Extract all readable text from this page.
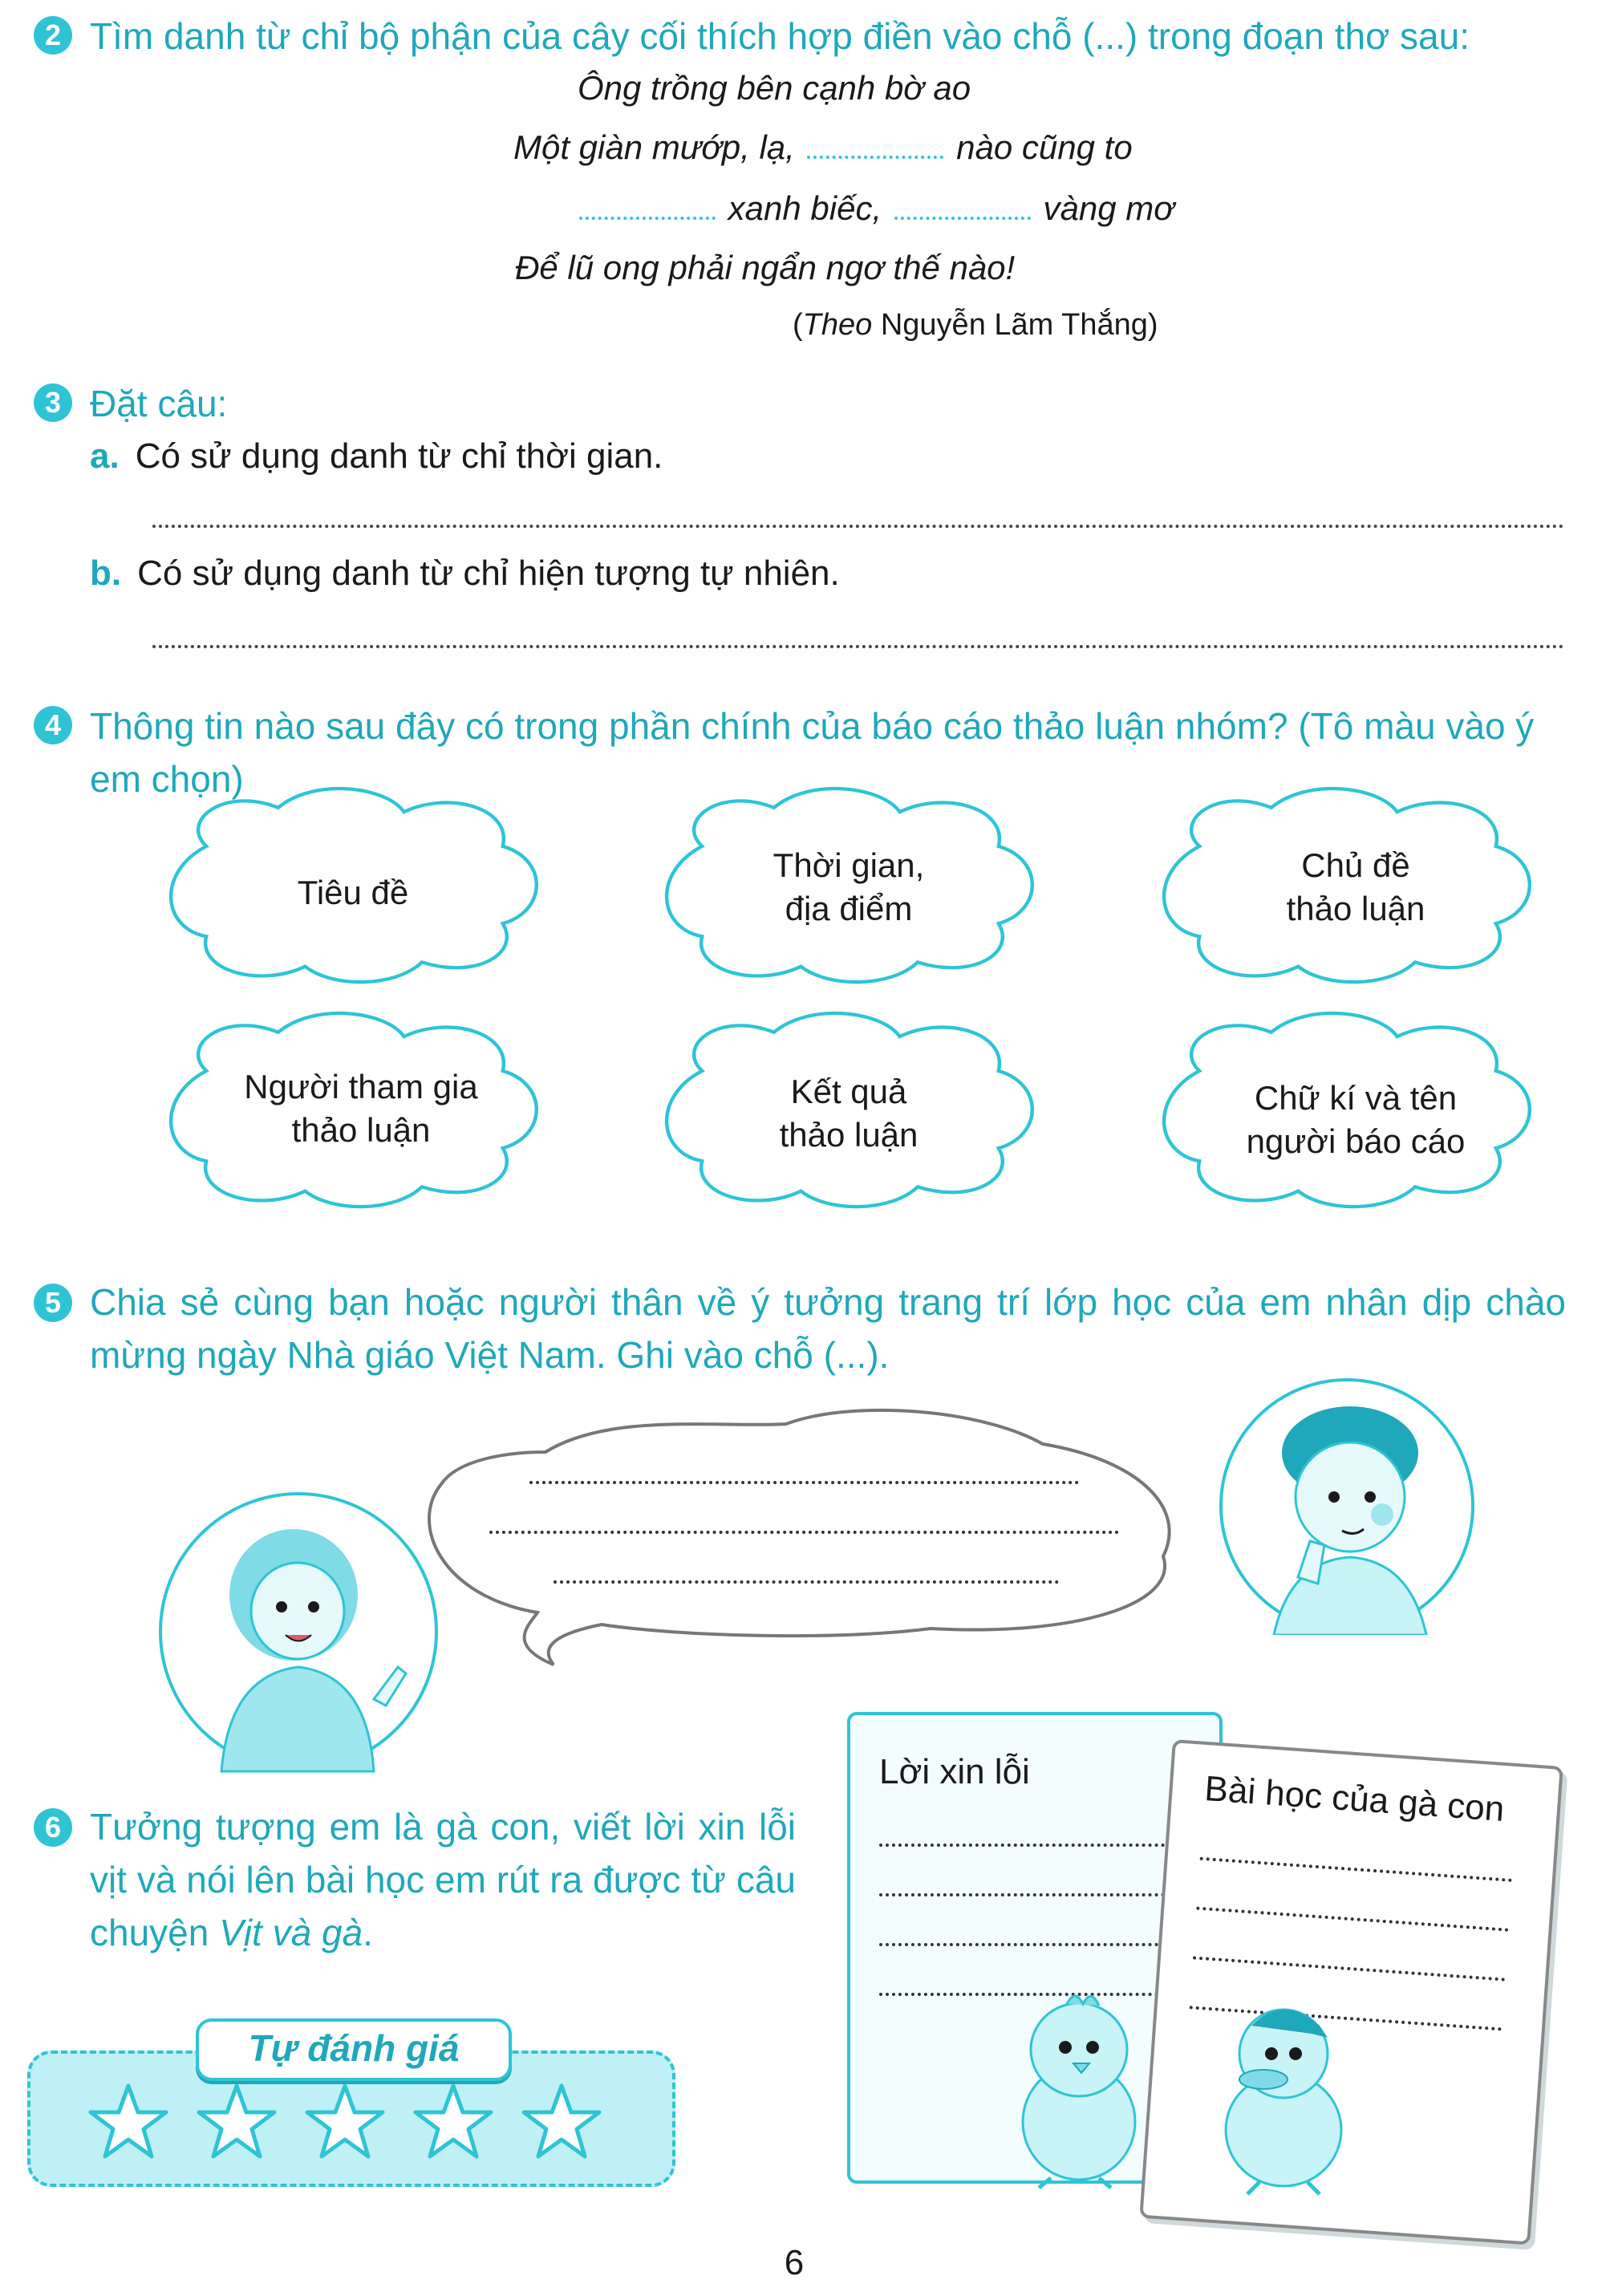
2 Tìm danh từ chỉ bộ phận của cây cối thích hợp điền vào chỗ (...) trong đoạn thơ sau:
Ông trồng bên cạnh bờ ao
Một giàn mướp, lạ,	nào cũng to
xanh biếc,	vàng mơ
Để lũ ong phải ngẩn ngơ thế nào!
(Theo Nguyễn Lãm Thắng)
3 Đặt câu:
a. Có sử dụng danh từ chỉ thời gian.
b. Có sử dụng danh từ chỉ hiện tượng tự nhiên.
4 Thông tin nào sau đây có trong phần chính của báo cáo thảo luận nhóm? (Tô màu vào ý em chọn)
Tiêu đề
Thời gian,
địa điểm
Chủ đề
thảo luận
Người tham gia
thảo luận
Kết quả
thảo luận
Chữ kí và tên
người báo cáo
5 Chia sẻ cùng bạn hoặc người thân về ý tưởng trang trí lớp học của em nhân dịp chào mừng ngày Nhà giáo Việt Nam. Ghi vào chỗ (...).
6 Tưởng tượng em là gà con, viết lời xin lỗi vịt và nói lên bài học em rút ra được từ câu chuyện Vịt và gà.
Lời xin lỗi	Bài học của gà con
Tự đánh giá
6
